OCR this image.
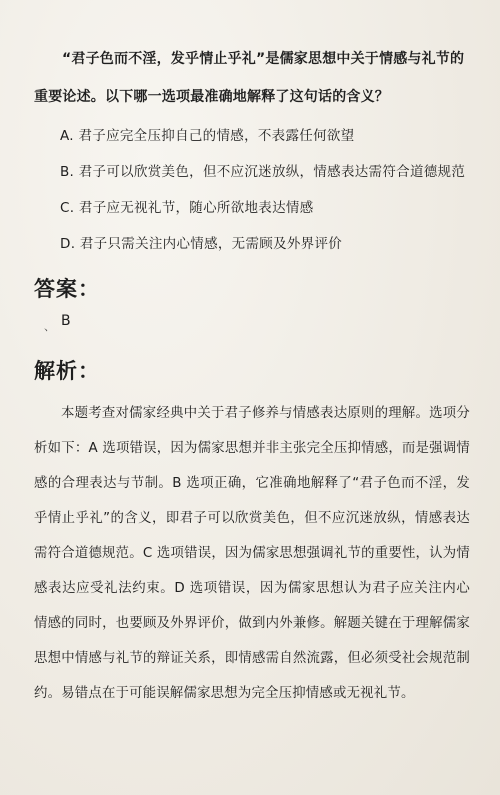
“君子色而不淫，发乎情止乎礼”是儒家思想中关于情感与礼节的重要论述。以下哪一选项最准确地解释了这句话的含义？
A. 君子应完全压抑自己的情感，不表露任何欲望
B. 君子可以欣赏美色，但不应沉迷放纵，情感表达需符合道德规范
C. 君子应无视礼节，随心所欲地表达情感
D. 君子只需关注内心情感，无需顾及外界评价
答案：
、 B
解析：
本题考查对儒家经典中关于君子修养与情感表达原则的理解。选项分析如下：A 选项错误，因为儒家思想并非主张完全压抑情感，而是强调情感的合理表达与节制。B 选项正确，它准确地解释了“君子色而不淫，发乎情止乎礼”的含义，即君子可以欣赏美色，但不应沉迷放纵，情感表达需符合道德规范。C 选项错误，因为儒家思想强调礼节的重要性，认为情感表达应受礼法约束。D 选项错误，因为儒家思想认为君子应关注内心情感的同时，也要顾及外界评价，做到内外兼修。解题关键在于理解儒家思想中情感与礼节的辩证关系，即情感需自然流露，但必须受社会规范制约。易错点在于可能误解儒家思想为完全压抑情感或无视礼节。
